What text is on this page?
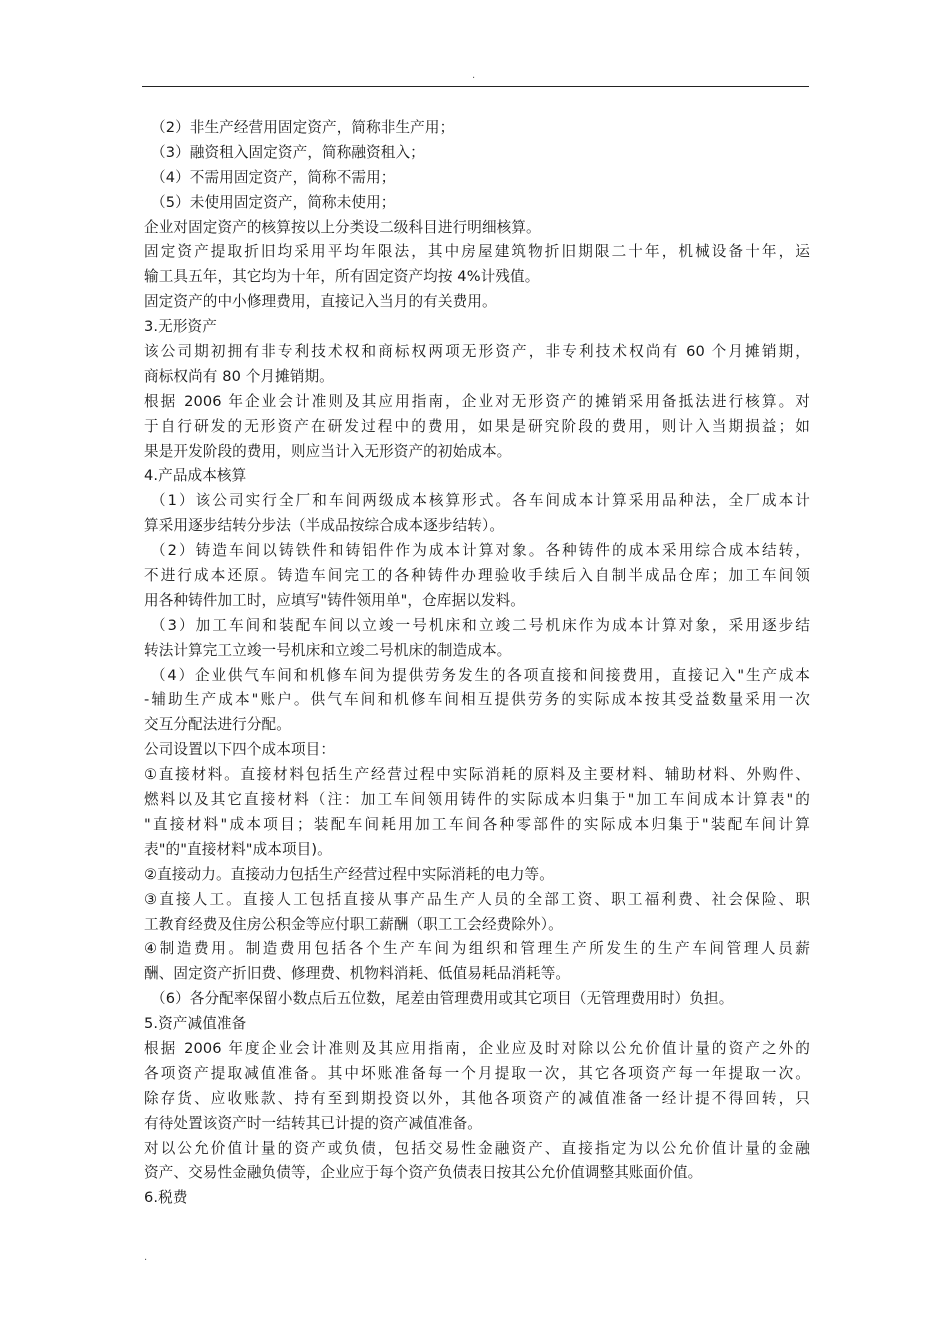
.
（2）非生产经营用固定资产，简称非生产用；
（3）融资租入固定资产，简称融资租入；
（4）不需用固定资产，简称不需用；
（5）未使用固定资产，简称未使用；
企业对固定资产的核算按以上分类设二级科目进行明细核算。
固定资产提取折旧均采用平均年限法，其中房屋建筑物折旧期限二十年，机械设备十年，运
输工具五年，其它均为十年，所有固定资产均按 4%计残值。
固定资产的中小修理费用，直接记入当月的有关费用。
3.无形资产
该公司期初拥有非专利技术权和商标权两项无形资产，非专利技术权尚有 60 个月摊销期，
商标权尚有 80 个月摊销期。
根据 2006 年企业会计准则及其应用指南，企业对无形资产的摊销采用备抵法进行核算。对
于自行研发的无形资产在研发过程中的费用，如果是研究阶段的费用，则计入当期损益；如
果是开发阶段的费用，则应当计入无形资产的初始成本。
4.产品成本核算
（1）该公司实行全厂和车间两级成本核算形式。各车间成本计算采用品种法，全厂成本计
算采用逐步结转分步法（半成品按综合成本逐步结转）。
（2）铸造车间以铸铁件和铸铝件作为成本计算对象。各种铸件的成本采用综合成本结转，
不进行成本还原。铸造车间完工的各种铸件办理验收手续后入自制半成品仓库；加工车间领
用各种铸件加工时，应填写"铸件领用单"，仓库据以发料。
（3）加工车间和装配车间以立竣一号机床和立竣二号机床作为成本计算对象，采用逐步结
转法计算完工立竣一号机床和立竣二号机床的制造成本。
（4）企业供气车间和机修车间为提供劳务发生的各项直接和间接费用，直接记入"生产成本
-辅助生产成本"账户。供气车间和机修车间相互提供劳务的实际成本按其受益数量采用一次
交互分配法进行分配。
公司设置以下四个成本项目：
①直接材料。直接材料包括生产经营过程中实际消耗的原料及主要材料、辅助材料、外购件、
燃料以及其它直接材料（注：加工车间领用铸件的实际成本归集于"加工车间成本计算表"的
"直接材料"成本项目；装配车间耗用加工车间各种零部件的实际成本归集于"装配车间计算
表"的"直接材料"成本项目)。
②直接动力。直接动力包括生产经营过程中实际消耗的电力等。
③直接人工。直接人工包括直接从事产品生产人员的全部工资、职工福利费、社会保险、职
工教育经费及住房公积金等应付职工薪酬（职工工会经费除外）。
④制造费用。制造费用包括各个生产车间为组织和管理生产所发生的生产车间管理人员薪
酬、固定资产折旧费、修理费、机物料消耗、低值易耗品消耗等。
（6）各分配率保留小数点后五位数，尾差由管理费用或其它项目（无管理费用时）负担。
5.资产减值准备
根据 2006 年度企业会计准则及其应用指南，企业应及时对除以公允价值计量的资产之外的
各项资产提取减值准备。其中坏账准备每一个月提取一次，其它各项资产每一年提取一次。
除存货、应收账款、持有至到期投资以外，其他各项资产的减值准备一经计提不得回转，只
有待处置该资产时一结转其已计提的资产减值准备。
对以公允价值计量的资产或负债，包括交易性金融资产、直接指定为以公允价值计量的金融
资产、交易性金融负债等，企业应于每个资产负债表日按其公允价值调整其账面价值。
6.税费
.
